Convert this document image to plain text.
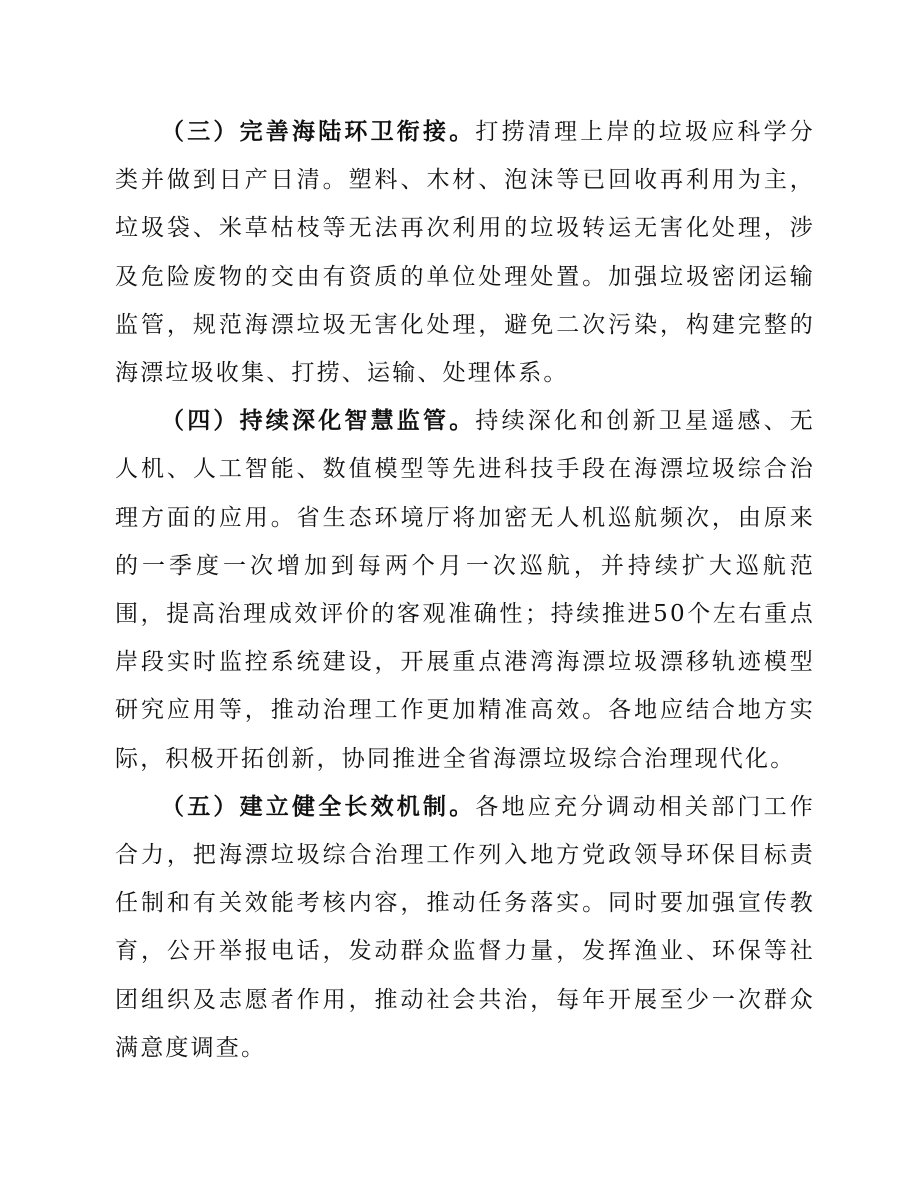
（三）完善海陆环卫衔接。打捞清理上岸的垃圾应科学分类并做到日产日清。塑料、木材、泡沫等已回收再利用为主，垃圾袋、米草枯枝等无法再次利用的垃圾转运无害化处理，涉及危险废物的交由有资质的单位处理处置。加强垃圾密闭运输监管，规范海漂垃圾无害化处理，避免二次污染，构建完整的海漂垃圾收集、打捞、运输、处理体系。

（四）持续深化智慧监管。持续深化和创新卫星遥感、无人机、人工智能、数值模型等先进科技手段在海漂垃圾综合治理方面的应用。省生态环境厅将加密无人机巡航频次，由原来的一季度一次增加到每两个月一次巡航，并持续扩大巡航范围，提高治理成效评价的客观准确性；持续推进50个左右重点岸段实时监控系统建设，开展重点港湾海漂垃圾漂移轨迹模型研究应用等，推动治理工作更加精准高效。各地应结合地方实际，积极开拓创新，协同推进全省海漂垃圾综合治理现代化。

（五）建立健全长效机制。各地应充分调动相关部门工作合力，把海漂垃圾综合治理工作列入地方党政领导环保目标责任制和有关效能考核内容，推动任务落实。同时要加强宣传教育，公开举报电话，发动群众监督力量，发挥渔业、环保等社团组织及志愿者作用，推动社会共治，每年开展至少一次群众满意度调查。
